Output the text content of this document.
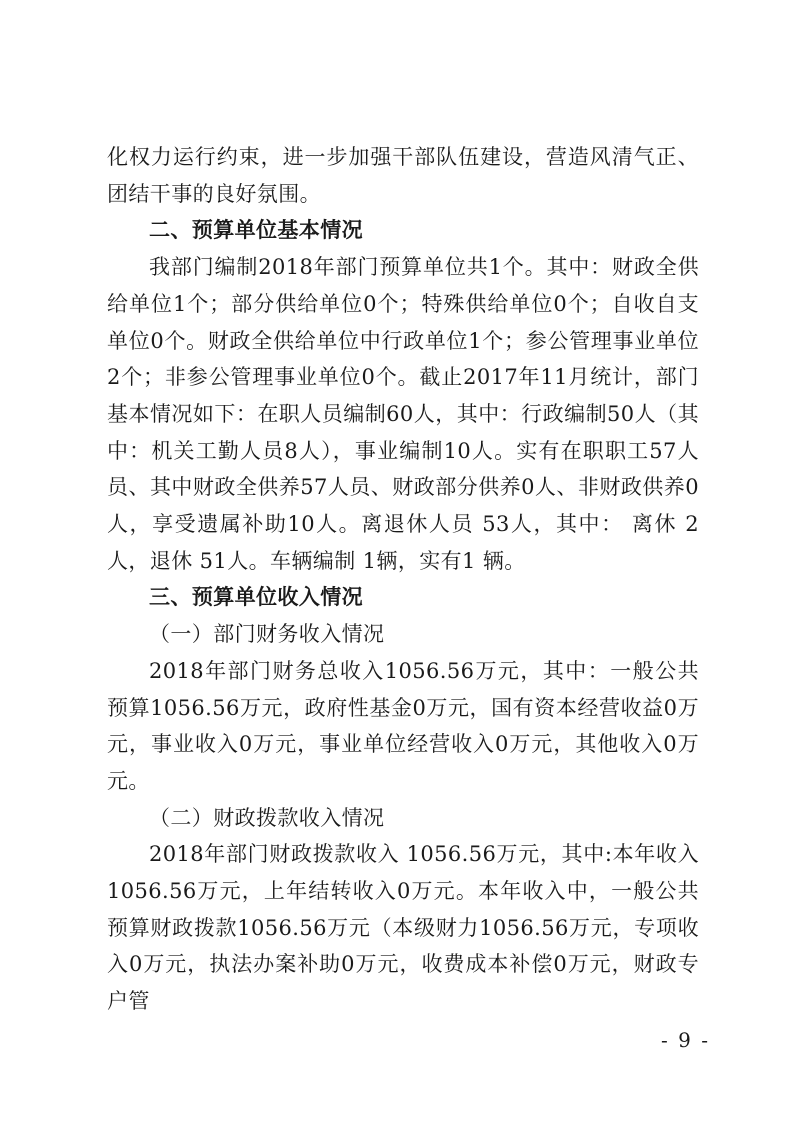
化权力运行约束，进一步加强干部队伍建设，营造风清气正、团结干事的良好氛围。

二、预算单位基本情况

我部门编制2018年部门预算单位共1个。其中：财政全供给单位1个；部分供给单位0个；特殊供给单位0个；自收自支单位0个。财政全供给单位中行政单位1个；参公管理事业单位2个；非参公管理事业单位0个。截止2017年11月统计，部门基本情况如下：在职人员编制60人，其中：行政编制50人（其中：机关工勤人员8人），事业编制10人。实有在职职工57人员、其中财政全供养57人员、财政部分供养0人、非财政供养0人，享受遗属补助10人。离退休人员 53人，其中： 离休 2人，退休 51人。车辆编制 1辆，实有1 辆。

三、预算单位收入情况

（一）部门财务收入情况

2018年部门财务总收入1056.56万元，其中：一般公共预算1056.56万元，政府性基金0万元，国有资本经营收益0万元，事业收入0万元，事业单位经营收入0万元，其他收入0万元。

（二）财政拨款收入情况

2018年部门财政拨款收入 1056.56万元，其中:本年收入1056.56万元，上年结转收入0万元。本年收入中，一般公共预算财政拨款1056.56万元（本级财力1056.56万元，专项收入0万元，执法办案补助0万元，收费成本补偿0万元，财政专户管

- 9 -
